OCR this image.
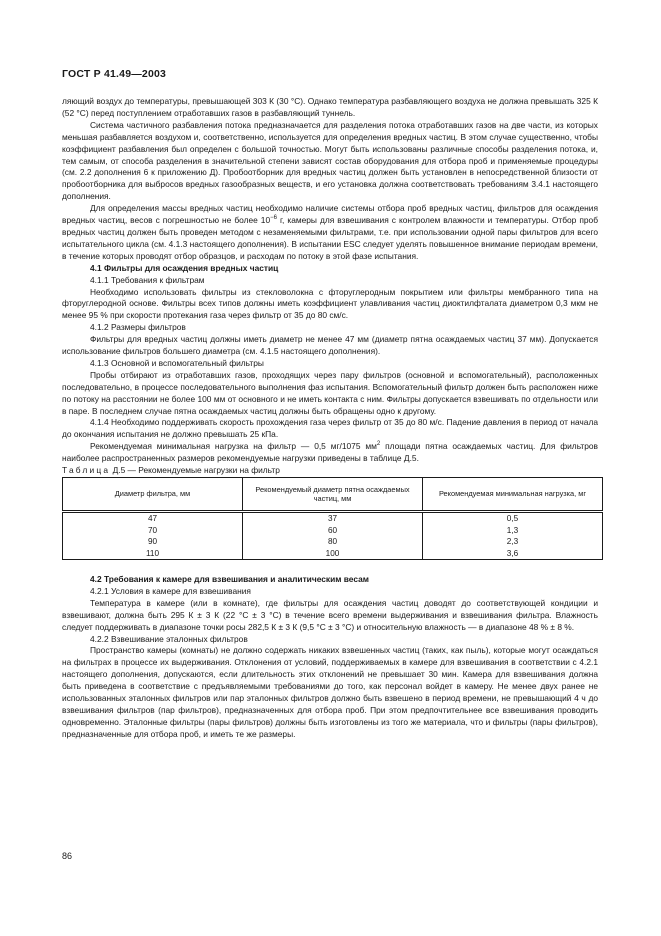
ГОСТ Р 41.49—2003

ляющий воздух до температуры, превышающей 303 К (30 °С). Однако температура разбавляющего воздуха не должна превышать 325 К (52 °С) перед поступлением отработавших газов в разбавляющий туннель.

Система частичного разбавления потока предназначается для разделения потока отработавших газов на две части, из которых меньшая разбавляется воздухом и, соответственно, используется для определения вредных частиц. В этом случае существенно, чтобы коэффициент разбавления был определен с большой точностью. Могут быть использованы различные способы разделения потока, и, тем самым, от способа разделения в значительной степени зависят состав оборудования для отбора проб и применяемые процедуры (см. 2.2 дополнения 6 к приложению Д). Пробоотборник для вредных частиц должен быть установлен в непосредственной близости от пробоотборника для выбросов вредных газообразных веществ, и его установка должна соответствовать требованиям 3.4.1 настоящего дополнения.

Для определения массы вредных частиц необходимо наличие системы отбора проб вредных частиц, фильтров для осаждения вредных частиц, весов с погрешностью не более $10^{-6}$ г, камеры для взвешивания с контролем влажности и температуры. Отбор проб вредных частиц должен быть проведен методом с незаменяемыми фильтрами, т.е. при использовании одной пары фильтров для всего испытательного цикла (см. 4.1.3 настоящего дополнения). В испытании ESC следует уделять повышенное внимание периодам времени, в течение которых проводят отбор образцов, и расходам по потоку в этой фазе испытания.

4.1 Фильтры для осаждения вредных частиц

4.1.1 Требования к фильтрам

Необходимо использовать фильтры из стекловолокна с фторуглеродным покрытием или фильтры мембранного типа на фторуглеродной основе. Фильтры всех типов должны иметь коэффициент улавливания частиц диоктилфталата диаметром 0,3 мкм не менее 95 % при скорости протекания газа через фильтр от 35 до 80 см/с.

4.1.2 Размеры фильтров

Фильтры для вредных частиц должны иметь диаметр не менее 47 мм (диаметр пятна осаждаемых частиц 37 мм). Допускается использование фильтров большего диаметра (см. 4.1.5 настоящего дополнения).

4.1.3 Основной и вспомогательный фильтры

Пробы отбирают из отработавших газов, проходящих через пару фильтров (основной и вспомогательный), расположенных последовательно, в процессе последовательного выполнения фаз испытания. Вспомогательный фильтр должен быть расположен ниже по потоку на расстоянии не более 100 мм от основного и не иметь контакта с ним. Фильтры допускается взвешивать по отдельности или в паре. В последнем случае пятна осаждаемых частиц должны быть обращены одно к другому.

4.1.4 Необходимо поддерживать скорость прохождения газа через фильтр от 35 до 80 м/с. Падение давления в период от начала до окончания испытания не должно превышать 25 кПа.

Рекомендуемая минимальная нагрузка на фильтр — 0,5 мг/1075 $мм^2$ площади пятна осаждаемых частиц. Для фильтров наиболее распространенных размеров рекомендуемые нагрузки приведены в таблице Д.5.

Таблица Д.5 — Рекомендуемые нагрузки на фильтр

Диаметр фильтра, мм	Рекомендуемый диаметр пятна осаждаемых частиц, мм	Рекомендуемая минимальная нагрузка, мг
47	37	0,5
70	60	1,3
90	80	2,3
110	100	3,6

4.2 Требования к камере для взвешивания и аналитическим весам

4.2.1 Условия в камере для взвешивания

Температура в камере (или в комнате), где фильтры для осаждения частиц доводят до соответствующей кондиции и взвешивают, должна быть 295 К ± 3 К (22 °С ± 3 °С) в течение всего времени выдерживания и взвешивания фильтра. Влажность следует поддерживать в диапазоне точки росы 282,5 К ± 3 К (9,5 °С ± 3 °С) и относительную влажность — в диапазоне 48 % ± 8 %.

4.2.2 Взвешивание эталонных фильтров

Пространство камеры (комнаты) не должно содержать никаких взвешенных частиц (таких, как пыль), которые могут осаждаться на фильтрах в процессе их выдерживания. Отклонения от условий, поддерживаемых в камере для взвешивания в соответствии с 4.2.1 настоящего дополнения, допускаются, если длительность этих отклонений не превышает 30 мин. Камера для взвешивания должна быть приведена в соответствие с предъявляемыми требованиями до того, как персонал войдет в камеру. Не менее двух ранее не использованных эталонных фильтров или пар эталонных фильтров должно быть взвешено в период времени, не превышающий 4 ч до взвешивания фильтров (пар фильтров), предназначенных для отбора проб. При этом предпочтительнее все взвешивания проводить одновременно. Эталонные фильтры (пары фильтров) должны быть изготовлены из того же материала, что и фильтры (пары фильтров), предназначенные для отбора проб, и иметь те же размеры.

86
